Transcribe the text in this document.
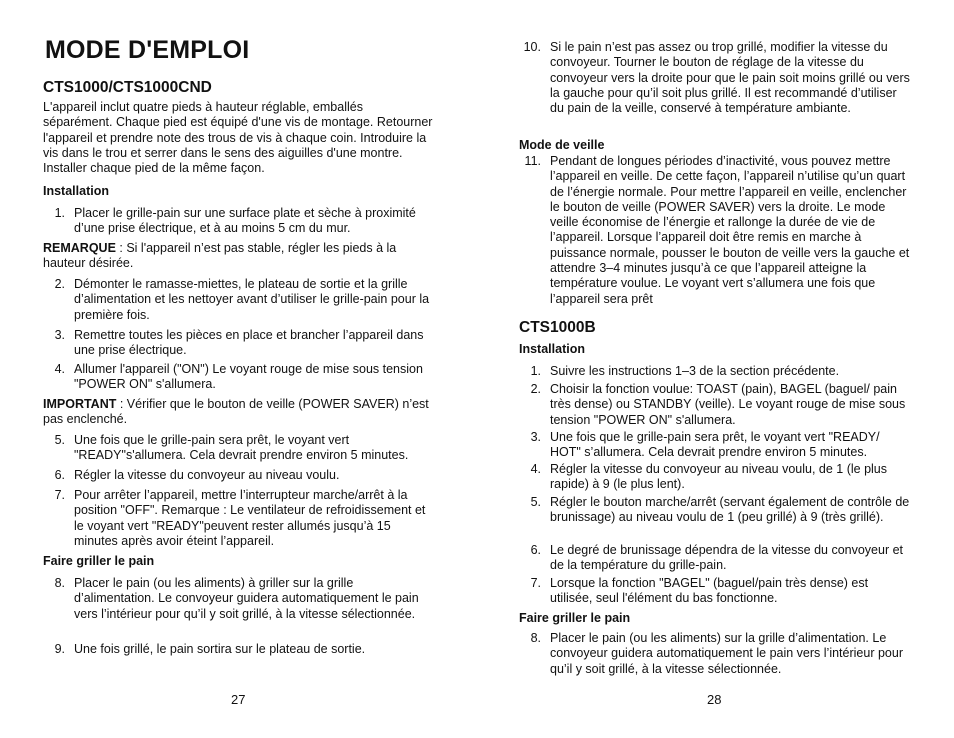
MODE D'EMPLOI
CTS1000/CTS1000CND

L'appareil inclut quatre pieds à hauteur réglable, emballés séparément. Chaque pied est équipé d'une vis de montage. Retourner l'appareil et prendre note des trous de vis à chaque coin. Introduire la vis dans le trou et serrer dans le sens des aiguilles d'une montre. Installer chaque pied de la même façon.

Installation
1. Placer le grille-pain sur une surface plate et sèche à proximité d’une prise électrique, et à au moins 5 cm du mur.

REMARQUE : Si l'appareil n’est pas stable, régler les pieds à la hauteur désirée.

2. Démonter le ramasse-miettes, le plateau de sortie et la grille d’alimentation et les nettoyer avant d’utiliser le grille-pain pour la première fois.
3. Remettre toutes les pièces en place et brancher l’appareil dans une prise électrique.
4. Allumer l'appareil ("ON") Le voyant rouge de mise sous tension "POWER ON" s'allumera.

IMPORTANT : Vérifier que le bouton de veille (POWER SAVER) n’est pas enclenché.

5. Une fois que le grille-pain sera prêt, le voyant vert "READY"s'allumera. Cela devrait prendre environ 5 minutes.
6. Régler la vitesse du convoyeur au niveau voulu.
7. Pour arrêter l’appareil, mettre l’interrupteur marche/arrêt à la position "OFF". Remarque : Le ventilateur de refroidissement et le voyant vert "READY"peuvent rester allumés jusqu’à 15 minutes après avoir éteint l’appareil.
Faire griller le pain
8. Placer le pain (ou les aliments) à griller sur la grille d’alimentation. Le convoyeur guidera automatiquement le pain vers l’intérieur pour qu’il y soit grillé, à la vitesse sélectionnée.
9. Une fois grillé, le pain sortira sur le plateau de sortie.
27
10. Si le pain n’est pas assez ou trop grillé, modifier la vitesse du convoyeur. Tourner le bouton de réglage de la vitesse du convoyeur vers la droite pour que le pain soit moins grillé ou vers la gauche pour qu’il soit plus grillé. Il est recommandé d’utiliser du pain de la veille, conservé à température ambiante.
Mode de veille
11. Pendant de longues périodes d’inactivité, vous pouvez mettre l’appareil en veille. De cette façon, l’appareil n’utilise qu’un quart de l’énergie normale. Pour mettre l’appareil en veille, enclencher le bouton de veille (POWER SAVER) vers la droite. Le mode veille économise de l’énergie et rallonge la durée de vie de l’appareil. Lorsque l’appareil doit être remis en marche à puissance normale, pousser le bouton de veille vers la gauche et attendre 3–4 minutes jusqu’à ce que l’appareil atteigne la température voulue. Le voyant vert s’allumera une fois que l’appareil sera prêt
CTS1000B
Installation
1. Suivre les instructions 1–3 de la section précédente.
2. Choisir la fonction voulue: TOAST (pain), BAGEL (baguel/ pain très dense) ou STANDBY (veille). Le voyant rouge de mise sous tension "POWER ON" s'allumera.
3. Une fois que le grille-pain sera prêt, le voyant vert "READY/ HOT" s’allumera. Cela devrait prendre environ 5 minutes.
4. Régler la vitesse du convoyeur au niveau voulu, de 1 (le plus rapide) à 9 (le plus lent).
5. Régler le bouton marche/arrêt (servant également de contrôle de brunissage) au niveau voulu de 1 (peu grillé) à 9 (très grillé).
6. Le degré de brunissage dépendra de la vitesse du convoyeur et de la température du grille-pain.
7. Lorsque la fonction "BAGEL" (baguel/pain très dense) est utilisée, seul l'élément du bas fonctionne.
Faire griller le pain
8. Placer le pain (ou les aliments) sur la grille d’alimentation. Le convoyeur guidera automatiquement le pain vers l’intérieur pour qu’il y soit grillé, à la vitesse sélectionnée.
28
